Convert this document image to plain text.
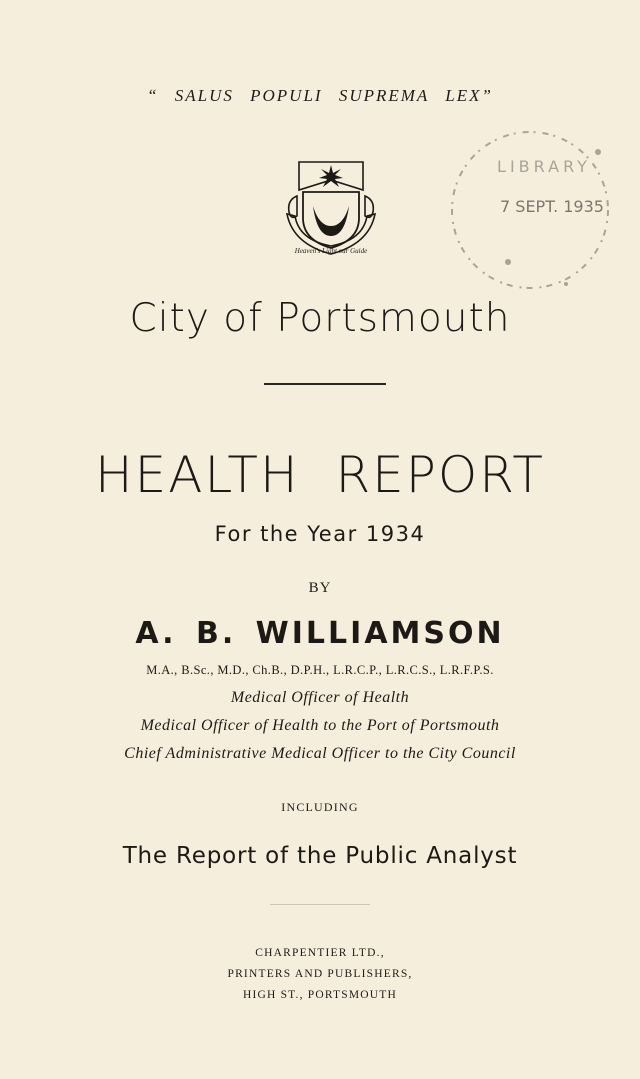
“ SALUS POPULI SUPREMA LEX”
Heaven's Light our Guide
LIBRARY
7 SEPT. 1935
City of Portsmouth
HEALTH REPORT
For the Year 1934
BY
A. B. WILLIAMSON
M.A., B.Sc., M.D., Ch.B., D.P.H., L.R.C.P., L.R.C.S., L.R.F.P.S.
Medical Officer of Health
Medical Officer of Health to the Port of Portsmouth
Chief Administrative Medical Officer to the City Council
INCLUDING
The Report of the Public Analyst
CHARPENTIER LTD.,
PRINTERS AND PUBLISHERS,
HIGH ST., PORTSMOUTH
